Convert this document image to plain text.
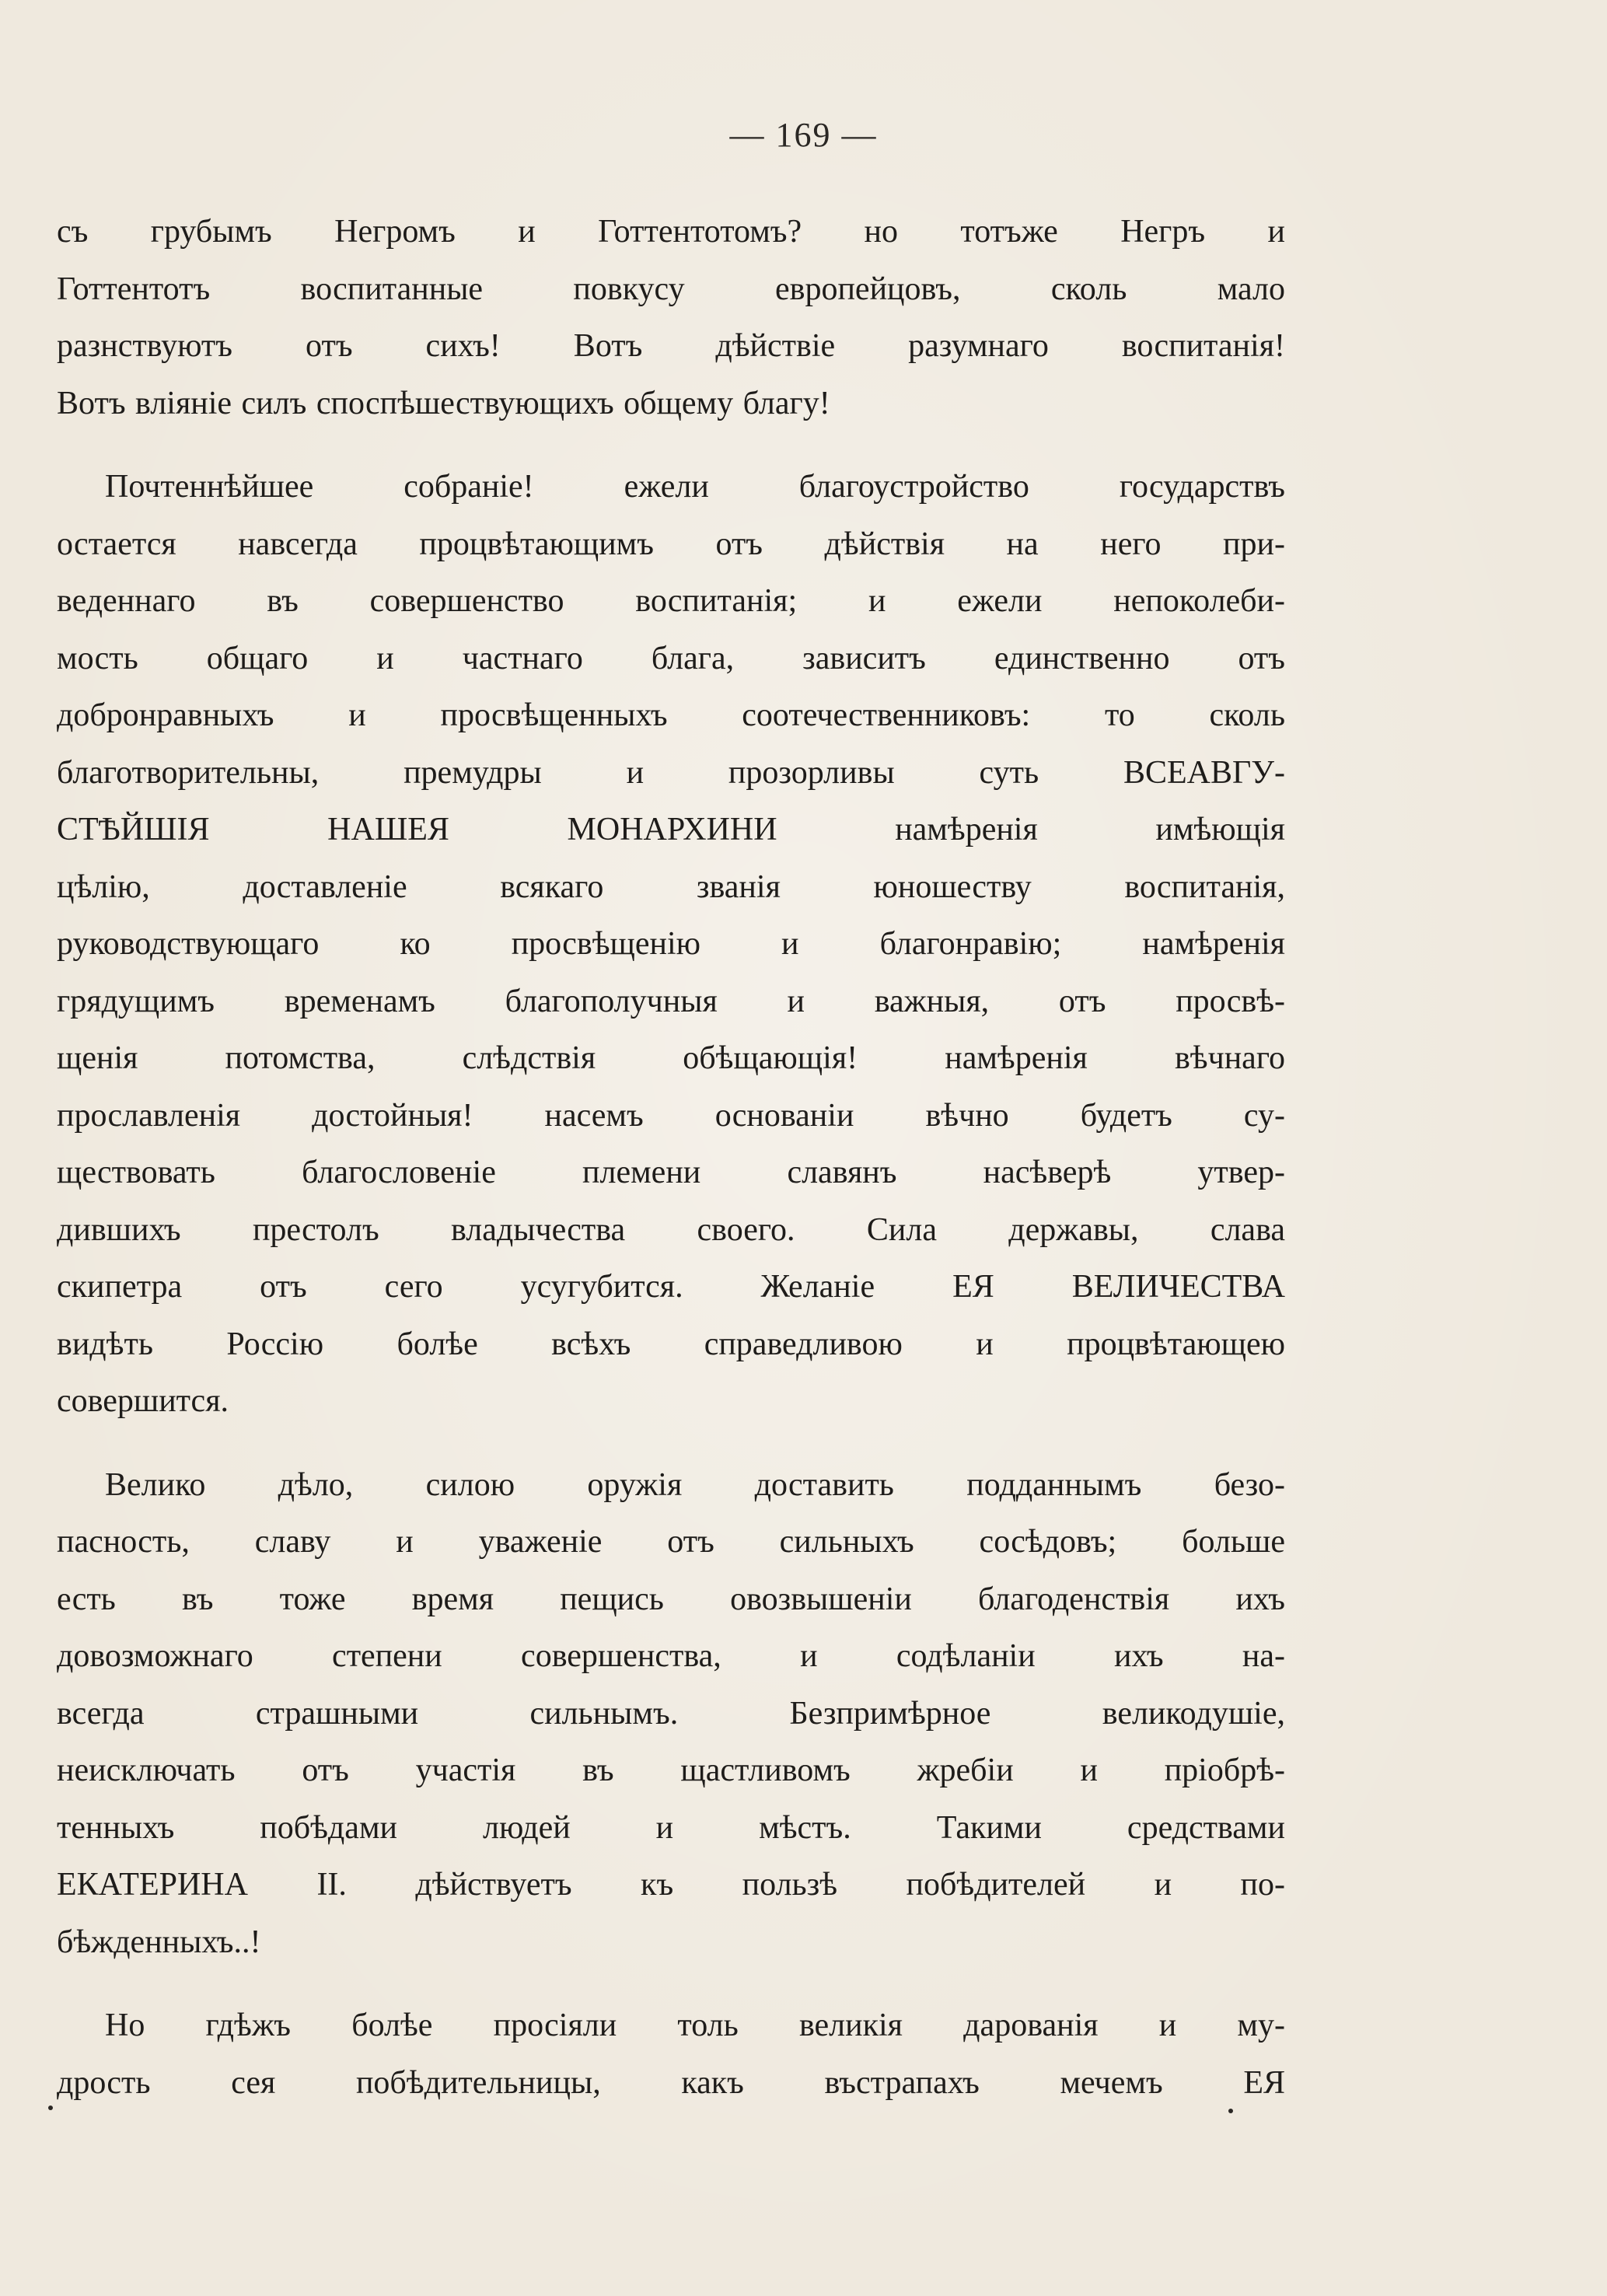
— 169 —

съ грубымъ Негромъ и Готтентотомъ? но тотъже Негръ и
Готтентотъ воспитанные повкусу европейцовъ, сколь мало
разнствуютъ отъ сихъ! Вотъ дѣйствіе разумнаго воспитанія!
Вотъ вліяніе силъ споспѣшествующихъ общему благу!

Почтеннѣйшее собраніе! ежели благоустройство государствъ
остается навсегда процвѣтающимъ отъ дѣйствія на него при-
веденнаго въ совершенство воспитанія; и ежели непоколеби-
мость общаго и частнаго блага, зависитъ единственно отъ
добронравныхъ и просвѣщенныхъ соотечественниковъ: то сколь
благотворительны, премудры и прозорливы суть ВСЕАВГУ-
СТѢЙШІЯ НАШЕЯ МОНАРХИНИ намѣренія имѣющія
цѣлію, доставленіе всякаго званія юношеству воспитанія,
руководствующаго ко просвѣщенію и благонравію; намѣренія
грядущимъ временамъ благополучныя и важныя, отъ просвѣ-
щенія потомства, слѣдствія обѣщающія! намѣренія вѣчнаго
прославленія достойныя! насемъ основаніи вѣчно будетъ су-
ществовать благословеніе племени славянъ насѣверѣ утвер-
дившихъ престолъ владычества своего. Сила державы, слава
скипетра отъ сего усугубится. Желаніе ЕЯ ВЕЛИЧЕСТВА
видѣть Россію болѣе всѣхъ справедливою и процвѣтающею
совершится.

Велико дѣло, силою оружія доставить подданнымъ безо-
пасность, славу и уваженіе отъ сильныхъ сосѣдовъ; больше
есть въ тоже время пещись овозвышеніи благоденствія ихъ
довозможнаго степени совершенства, и содѣланіи ихъ на-
всегда страшными сильнымъ. Безпримѣрное великодушіе,
неисключать отъ участія въ щастливомъ жребіи и пріобрѣ-
тенныхъ побѣдами людей и мѣстъ. Такими средствами
ЕКАТЕРИНА II. дѣйствуетъ къ пользѣ побѣдителей и по-
бѣжденныхъ..!

Но гдѣжъ болѣе просіяли толь великія дарованія и му-
дрость сея побѣдительницы, какъ въстрапахъ мечемъ ЕЯ
